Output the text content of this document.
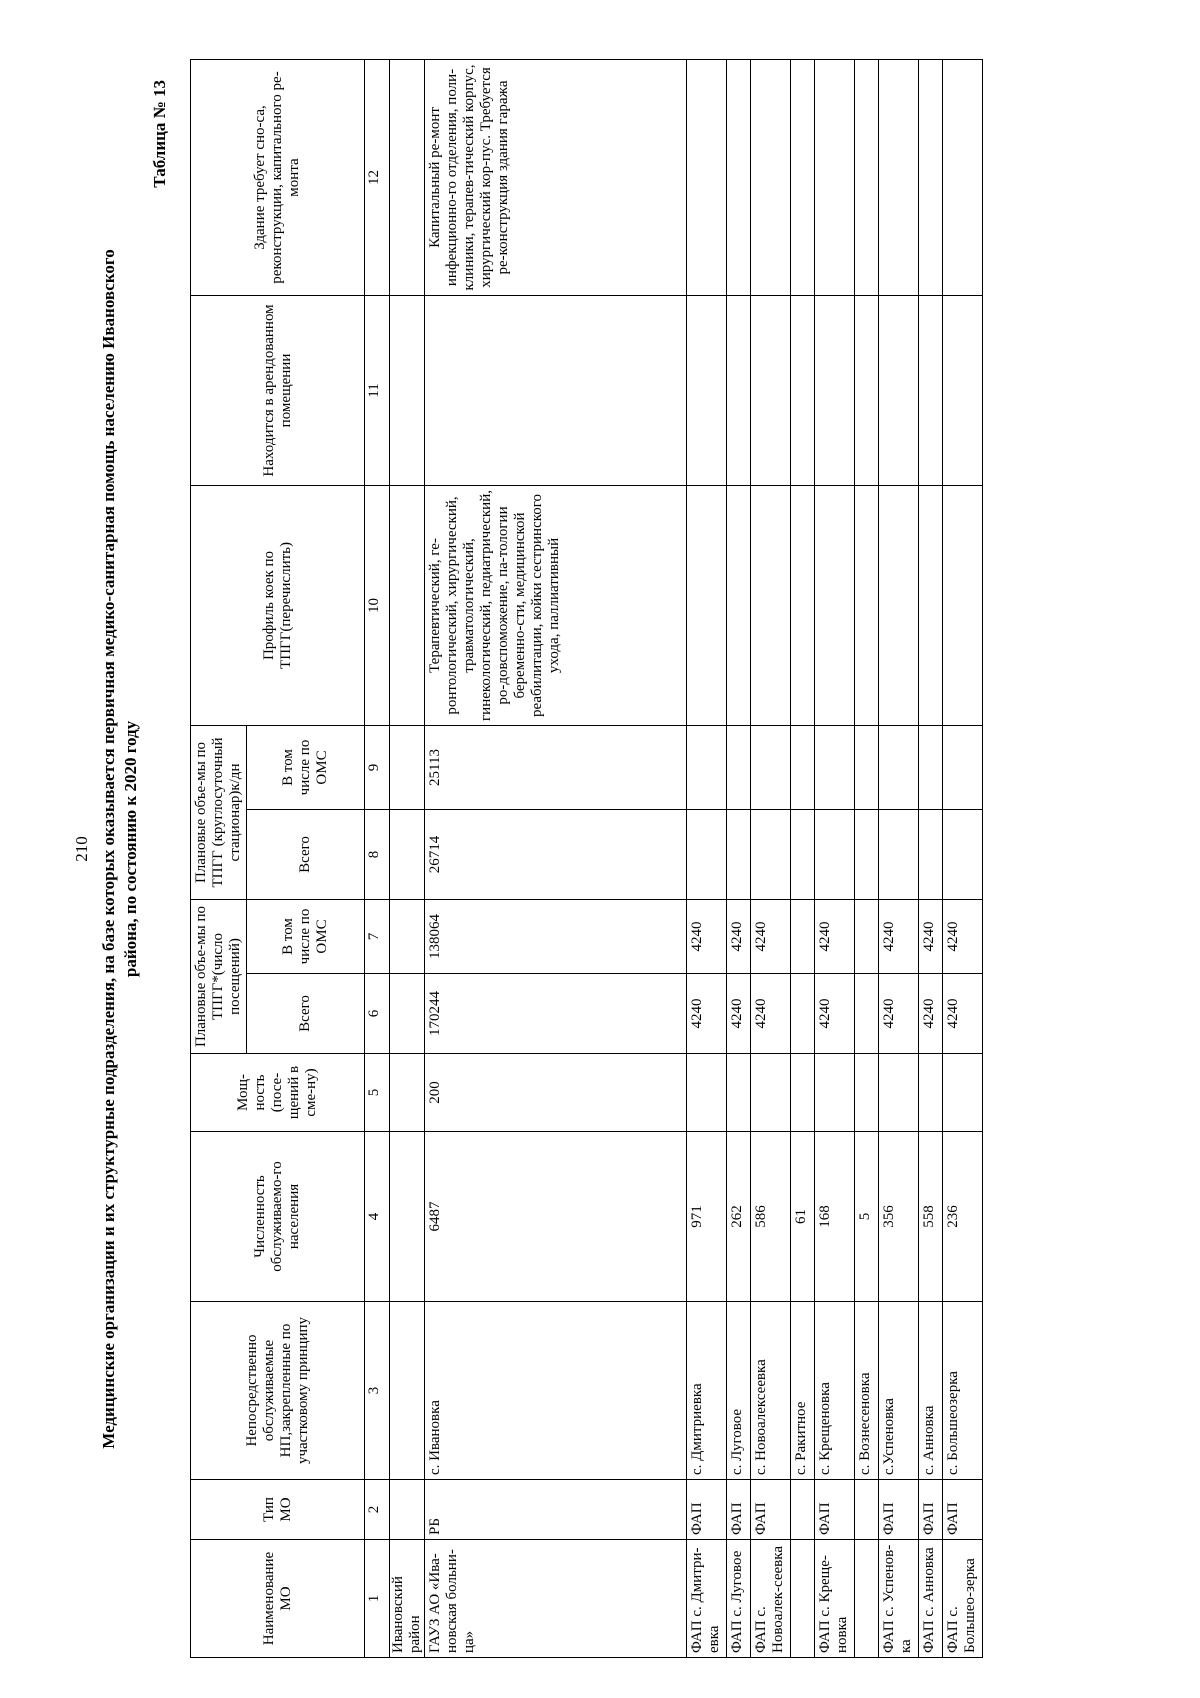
210 Медицинские организации и их структурные подразделения, на базе которых оказывается первичная медико-санитарная помощь населению Ивановского района, по состоянию к 2020 году
Таблица № 13
Наименование МО	Тип МО	Непосредственно обслуживаемые НП,закрепленные по участковому принципу	Численность обслуживаемо-го населения	Мощ-ность (посе-щений в сме-ну)	Плановые объе-мы по ТПГГ*(число посещений)		Плановые объе-мы по ТПГГ (круглосуточный стационар)к/дн		Профиль коек по ТПГГ(перечислить)	Находится в арендованном помещении	Здание требует сно-са, реконструкции, капитального ре-монта
					Всего	В том числе по ОМС	Всего	В том числе по ОМС			
1	2	3	4	5	6	7	8	9	10	11	12
Ивановский район											
ГАУЗ АО «Ива-новская больни-ца»	РБ	с. Ивановка	6487	200	170244	138064	26714	25113	Терапевтический, ге-ронтологический, хирургический, травматологический, гинекологический, педиатрический, ро-довспоможение, па-тологии беременно-сти, медицинской реабилитации, койки сестринского ухода, паллиативный		Капитальный ре-монт инфекционно-го отделения, поли-клиники, терапев-тический корпус, хирургический кор-пус. Требуется ре-конструкция здания гаража
ФАП с. Дмитри-евка	ФАП	с. Дмитриевка	971		4240	4240					
ФАП с. Луговое	ФАП	с. Луговое	262		4240	4240					
ФАП с. Новоалек-сеевка	ФАП	с. Новоалексеевка	586		4240	4240					
		с. Ракитное	61								
ФАП с. Креще-новка	ФАП	с. Крещеновка	168		4240	4240					
		с. Вознесеновка	5								
ФАП с. Успенов-ка	ФАП	с.Успеновка	356		4240	4240					
ФАП с. Анновка	ФАП	с. Анновка	558		4240	4240					
ФАП с. Большео-зерка	ФАП	с. Большеозерка	236		4240	4240					
